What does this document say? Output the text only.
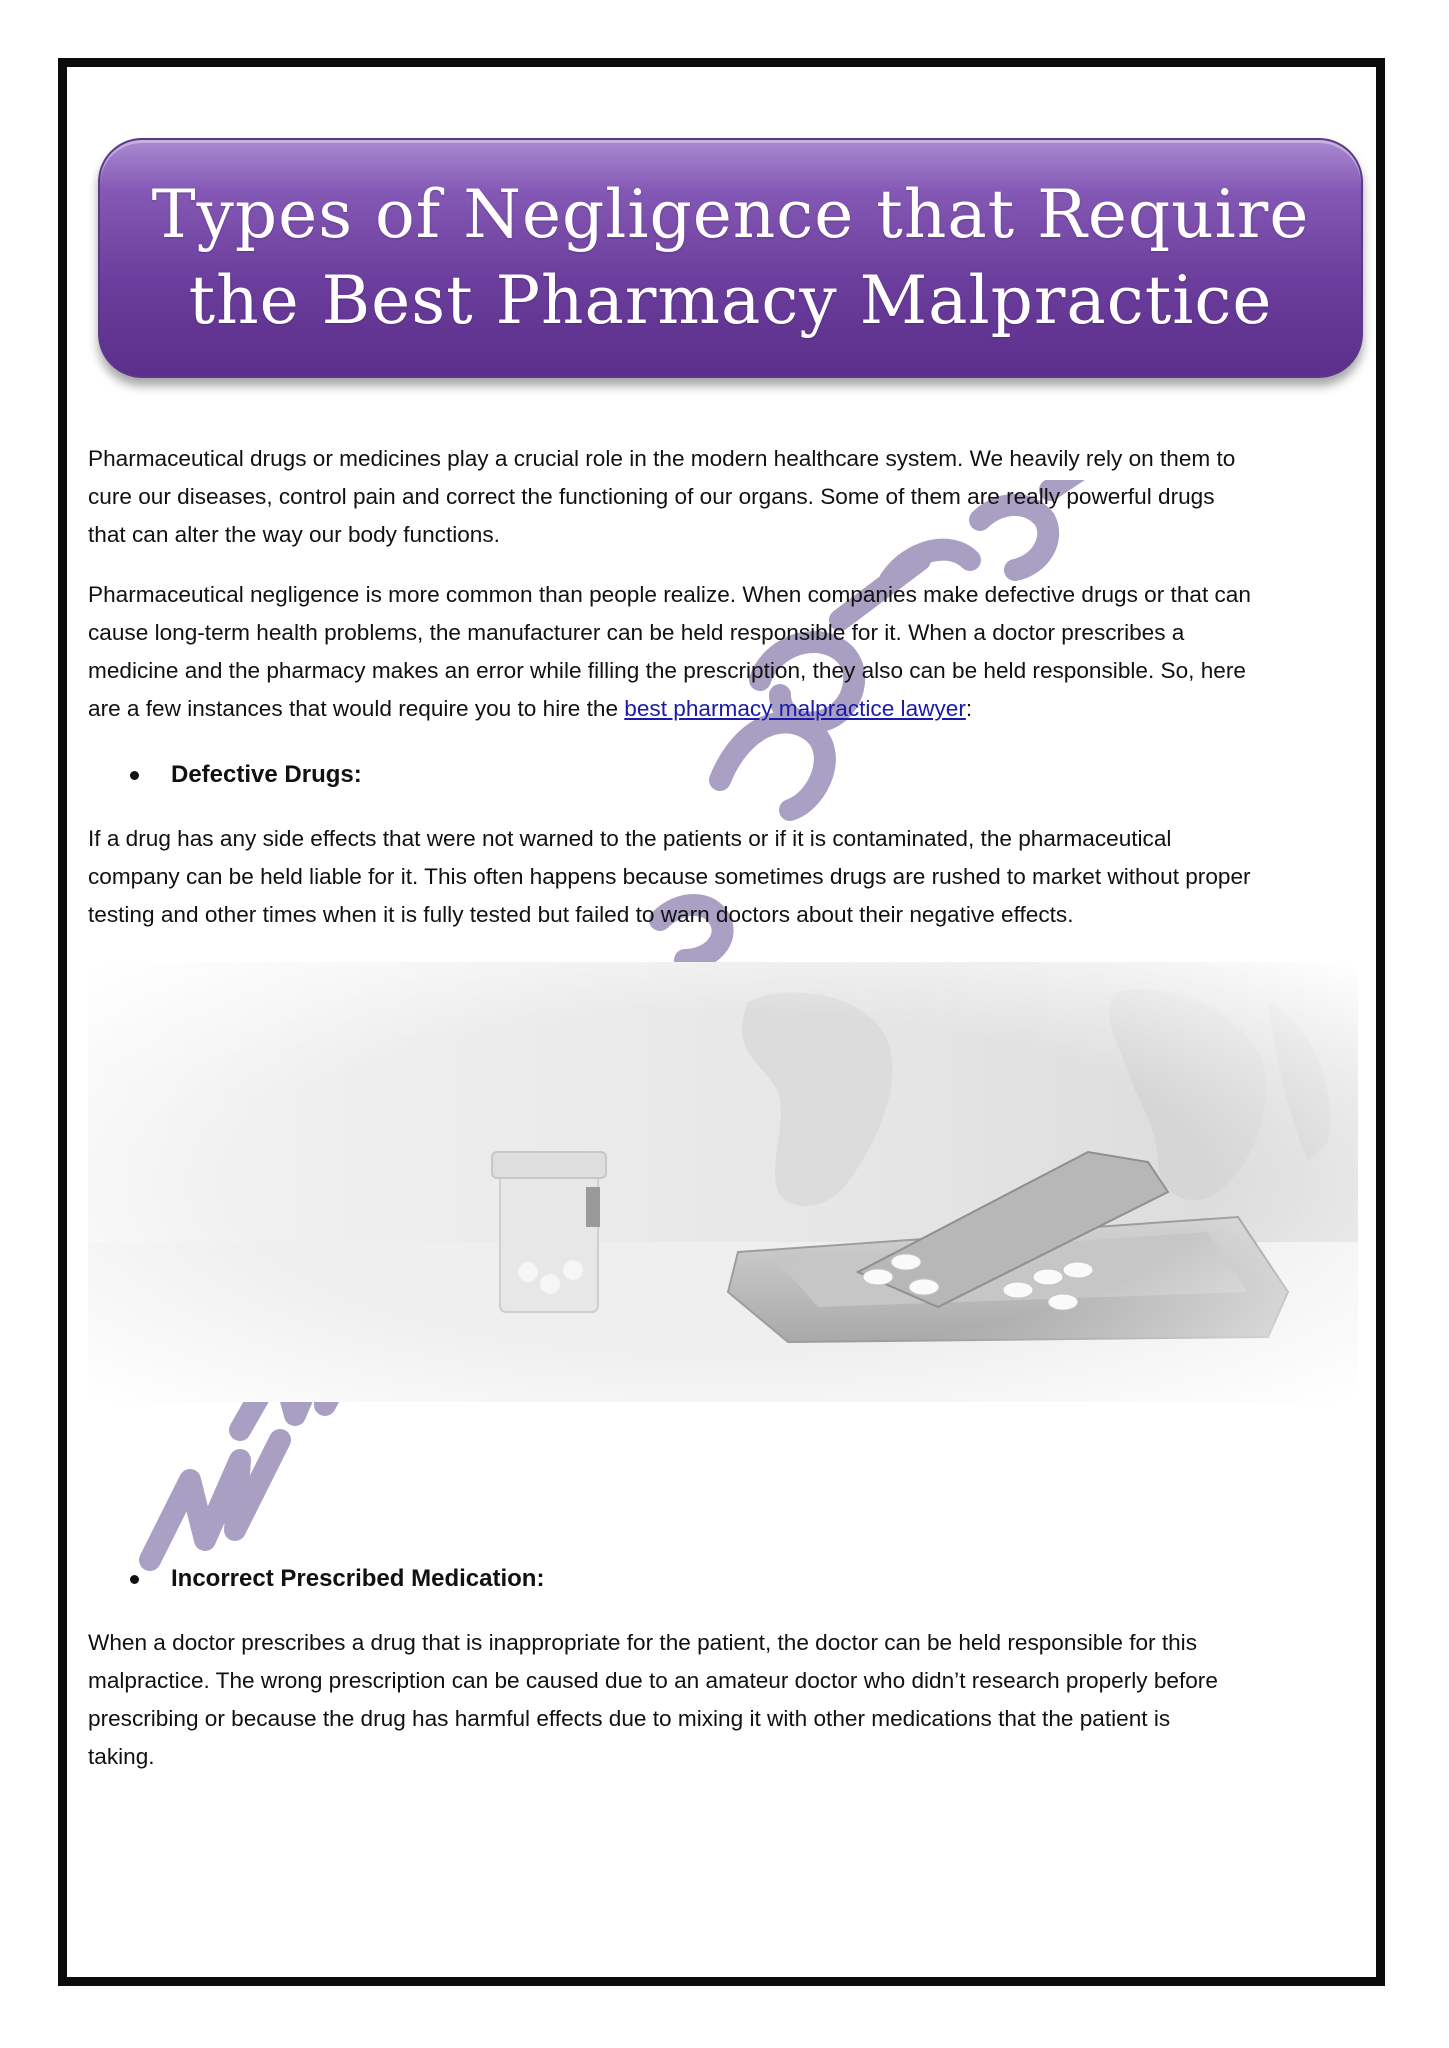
Types of Negligence that Require
the Best Pharmacy Malpractice
Pharmaceutical drugs or medicines play a crucial role in the modern healthcare system. We heavily rely on them to
cure our diseases, control pain and correct the functioning of our organs. Some of them are really powerful drugs
that can alter the way our body functions.
Pharmaceutical negligence is more common than people realize. When companies make defective drugs or that can
cause long-term health problems, the manufacturer can be held responsible for it. When a doctor prescribes a
medicine and the pharmacy makes an error while filling the prescription, they also can be held responsible. So, here
are a few instances that would require you to hire the best pharmacy malpractice lawyer:
Defective Drugs:
If a drug has any side effects that were not warned to the patients or if it is contaminated, the pharmaceutical
company can be held liable for it. This often happens because sometimes drugs are rushed to market without proper
testing and other times when it is fully tested but failed to warn doctors about their negative effects.
Incorrect Prescribed Medication:
When a doctor prescribes a drug that is inappropriate for the patient, the doctor can be held responsible for this
malpractice. The wrong prescription can be caused due to an amateur doctor who didn’t research properly before
prescribing or because the drug has harmful effects due to mixing it with other medications that the patient is
taking.
